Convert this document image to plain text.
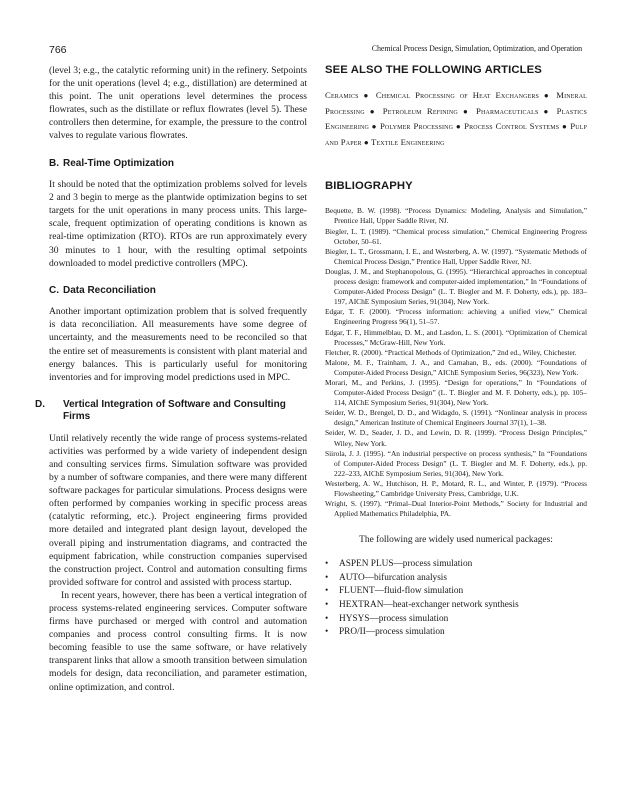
766	Chemical Process Design, Simulation, Optimization, and Operation

(level 3; e.g., the catalytic reforming unit) in the refinery. Setpoints for the unit operations (level 4; e.g., distillation) are determined at this point. The unit operations level determines the process flowrates, such as the distillate or reflux flowrates (level 5). These controllers then determine, for example, the pressure to the control valves to regulate various flowrates.

B. Real-Time Optimization

It should be noted that the optimization problems solved for levels 2 and 3 begin to merge as the plantwide optimization begins to set targets for the unit operations in many process units. This large-scale, frequent optimization of operating conditions is known as real-time optimization (RTO). RTOs are run approximately every 30 minutes to 1 hour, with the resulting optimal setpoints downloaded to model predictive controllers (MPC).

C. Data Reconciliation

Another important optimization problem that is solved frequently is data reconciliation. All measurements have some degree of uncertainty, and the measurements need to be reconciled so that the entire set of measurements is consistent with plant material and energy balances. This is particularly useful for monitoring inventories and for improving model predictions used in MPC.

D. Vertical Integration of Software and Consulting Firms

Until relatively recently the wide range of process systems-related activities was performed by a wide variety of independent design and consulting services firms. Simulation software was provided by a number of software companies, and there were many different software packages for particular simulations. Process designs were often performed by companies working in specific process areas (catalytic reforming, etc.). Project engineering firms provided more detailed and integrated plant design layout, developed the overall piping and instrumentation diagrams, and contracted the equipment fabrication, while construction companies supervised the construction project. Control and automation consulting firms provided software for control and assisted with process startup.

In recent years, however, there has been a vertical integration of process systems-related engineering services. Computer software firms have purchased or merged with control and automation companies and process control consulting firms. It is now becoming feasible to use the same software, or have relatively transparent links that allow a smooth transition between simulation models for design, data reconciliation, and parameter estimation, online optimization, and control.

SEE ALSO THE FOLLOWING ARTICLES

Ceramics ● Chemical Processing of Heat Exchangers ● Mineral Processing ● Petroleum Refining ● Pharmaceuticals ● Plastics Engineering ● Polymer Processing ● Process Control Systems ● Pulp and Paper ● Textile Engineering

BIBLIOGRAPHY
Bequette, B. W. (1998). “Process Dynamics: Modeling, Analysis and Simulation,” Prentice Hall, Upper Saddle River, NJ.
Biegler, L. T. (1989). “Chemical process simulation,” Chemical Engineering Progress October, 50–61.
Biegler, L. T., Grossmann, I. E., and Westerberg, A. W. (1997). “Systematic Methods of Chemical Process Design,” Prentice Hall, Upper Saddle River, NJ.
Douglas, J. M., and Stephanopolous, G. (1995). “Hierarchical approaches in conceptual process design: framework and computer-aided implementation,” In “Foundations of Computer-Aided Process Design” (L. T. Biegler and M. F. Doherty, eds.), pp. 183–197, AIChE Symposium Series, 91(304), New York.
Edgar, T. F. (2000). “Process information: achieving a unified view,” Chemical Engineering Progress 96(1), 51–57.
Edgar, T. F., Himmelblau, D. M., and Lasdon, L. S. (2001). “Optimization of Chemical Processes,” McGraw-Hill, New York.
Fletcher, R. (2000). “Practical Methods of Optimization,” 2nd ed., Wiley, Chichester.
Malone, M. F., Trainham, J. A., and Carnahan, B., eds. (2000). “Foundations of Computer-Aided Process Design,” AIChE Symposium Series, 96(323), New York.
Morari, M., and Perkins, J. (1995). “Design for operations,” In “Foundations of Computer-Aided Process Design” (L. T. Biegler and M. F. Doherty, eds.), pp. 105–114, AIChE Symposium Series, 91(304), New York.
Seider, W. D., Brengel, D. D., and Widagdo, S. (1991). “Nonlinear analysis in process design,” American Institute of Chemical Engineers Journal 37(1), 1–38.
Seider, W. D., Seader, J. D., and Lewin, D. R. (1999). “Process Design Principles,” Wiley, New York.
Siirola, J. J. (1995). “An industrial perspective on process synthesis,” In “Foundations of Computer-Aided Process Design” (L. T. Biegler and M. F. Doherty, eds.), pp. 222–233, AIChE Symposium Series, 91(304), New York.
Westerberg, A. W., Hutchison, H. P., Motard, R. L., and Winter, P. (1979). “Process Flowsheeting,” Cambridge University Press, Cambridge, U.K.
Wright, S. (1997). “Primal–Dual Interior-Point Methods,” Society for Industrial and Applied Mathematics Philadelphia, PA.

The following are widely used numerical packages:

• ASPEN PLUS—process simulation
• AUTO—bifurcation analysis
• FLUENT—fluid-flow simulation
• HEXTRAN—heat-exchanger network synthesis
• HYSYS—process simulation
• PRO/II—process simulation
